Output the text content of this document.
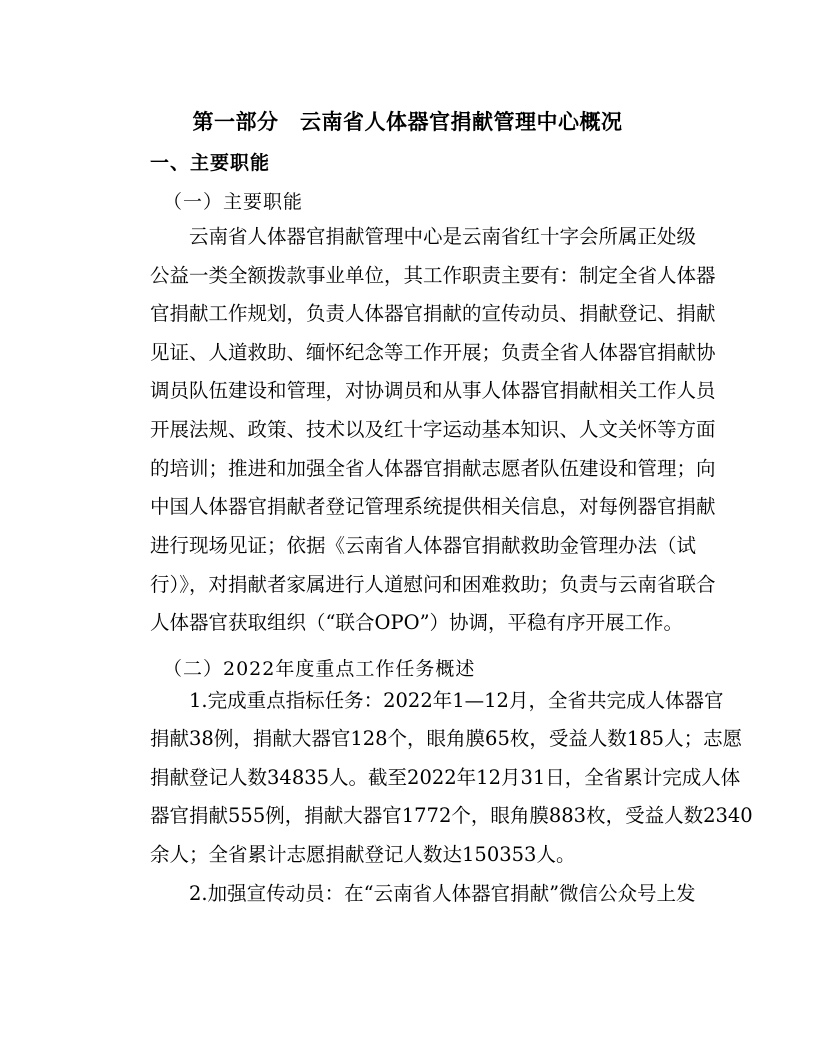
第一部分　云南省人体器官捐献管理中心概况
一、主要职能
（一）主要职能
　　云南省人体器官捐献管理中心是云南省红十字会所属正处级
公益一类全额拨款事业单位，其工作职责主要有：制定全省人体器
官捐献工作规划，负责人体器官捐献的宣传动员、捐献登记、捐献
见证、人道救助、缅怀纪念等工作开展；负责全省人体器官捐献协
调员队伍建设和管理，对协调员和从事人体器官捐献相关工作人员
开展法规、政策、技术以及红十字运动基本知识、人文关怀等方面
的培训；推进和加强全省人体器官捐献志愿者队伍建设和管理；向
中国人体器官捐献者登记管理系统提供相关信息，对每例器官捐献
进行现场见证；依据《云南省人体器官捐献救助金管理办法（试
行）》，对捐献者家属进行人道慰问和困难救助；负责与云南省联合
人体器官获取组织（“联合OPO”）协调，平稳有序开展工作。
（二）2022年度重点工作任务概述
　　1.完成重点指标任务：2022年1—12月，全省共完成人体器官
捐献38例，捐献大器官128个，眼角膜65枚，受益人数185人；志愿
捐献登记人数34835人。截至2022年12月31日，全省累计完成人体
器官捐献555例，捐献大器官1772个，眼角膜883枚，受益人数2340
余人；全省累计志愿捐献登记人数达150353人。
　　2.加强宣传动员：在“云南省人体器官捐献”微信公众号上发
